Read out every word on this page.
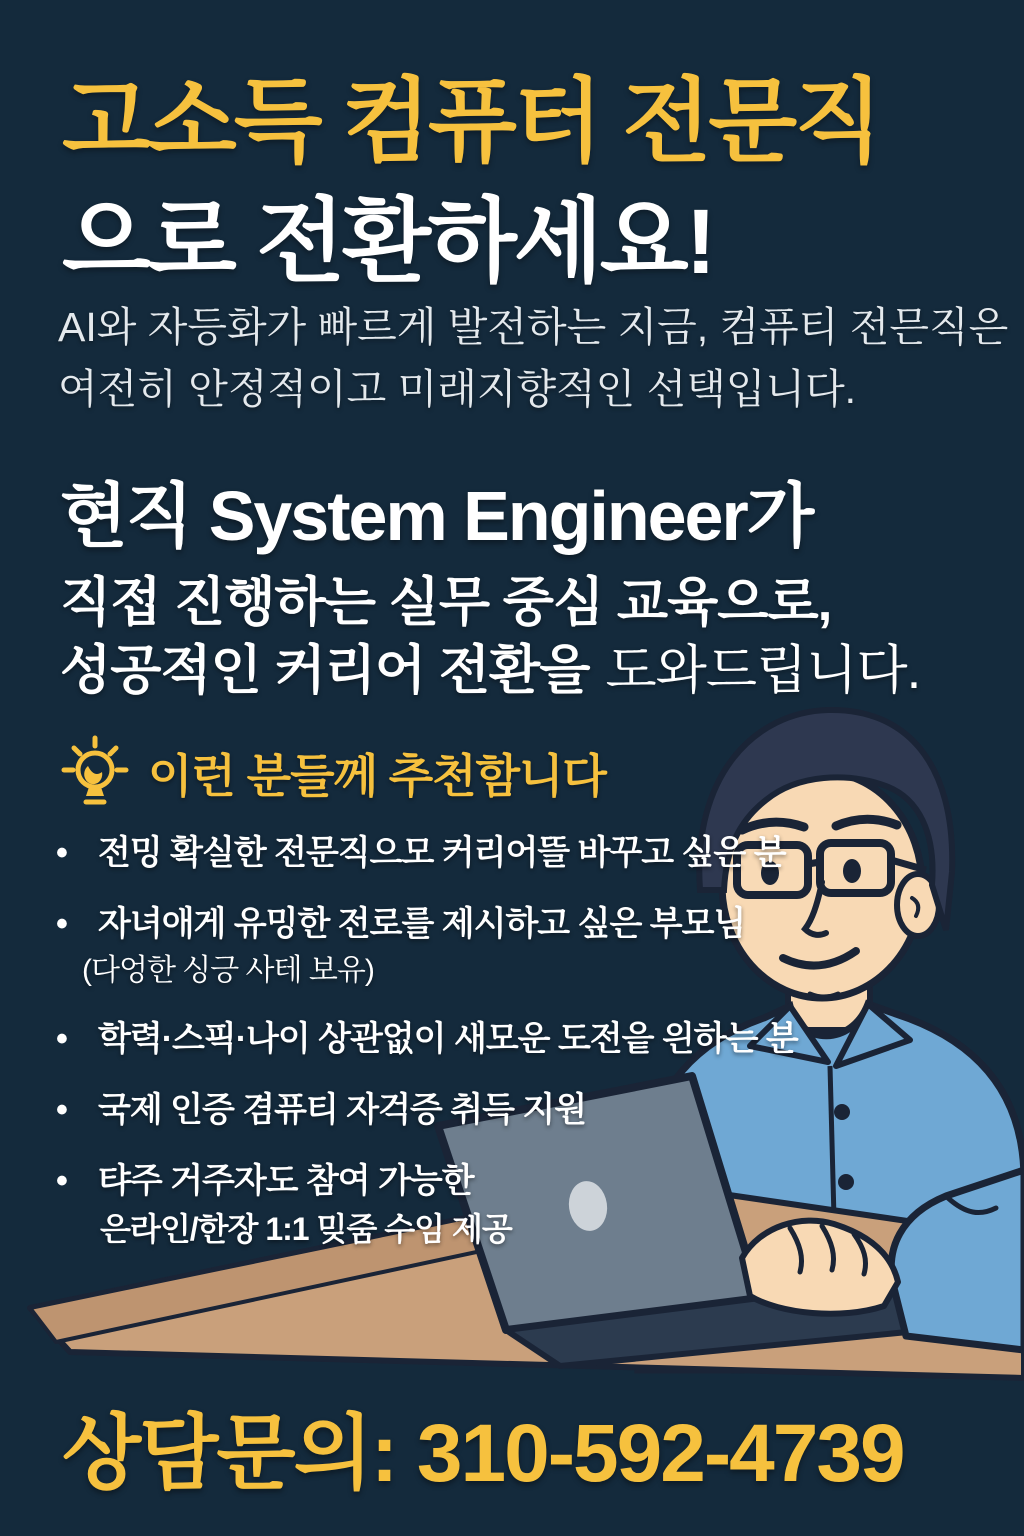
고소득 컴퓨터 전문직
으로 전환하세요!
AI와 자등화가 빠르게 발전하는 지금, 컴퓨티 전믄직은
여전히 안정적이고 미래지향적인 선택입니다.
현직 System Engineer가
직접 진행하는 실무 중심 교육으로,
성공적인 커리어 전환을 도와드립니다.
이런 분들께 추천함니다
• 전밍 확실한 전문직으모 커리어뜰 바꾸고 싶은 분
• 자녀애게 유밍한 전로를 제시하고 싶은 부모님
(다엉한 싱긍 사테 보유)
• 학력·스픽·나이 상관없이 새모운 도전읕 읜하는 분
• 국제 인증 겸퓨티 자걱증 취득 지원
• 탸주 거주자도 참여 가능한
은라인/한장 1:1 밎줌 수임 제공
상담문의: 310-592-4739
